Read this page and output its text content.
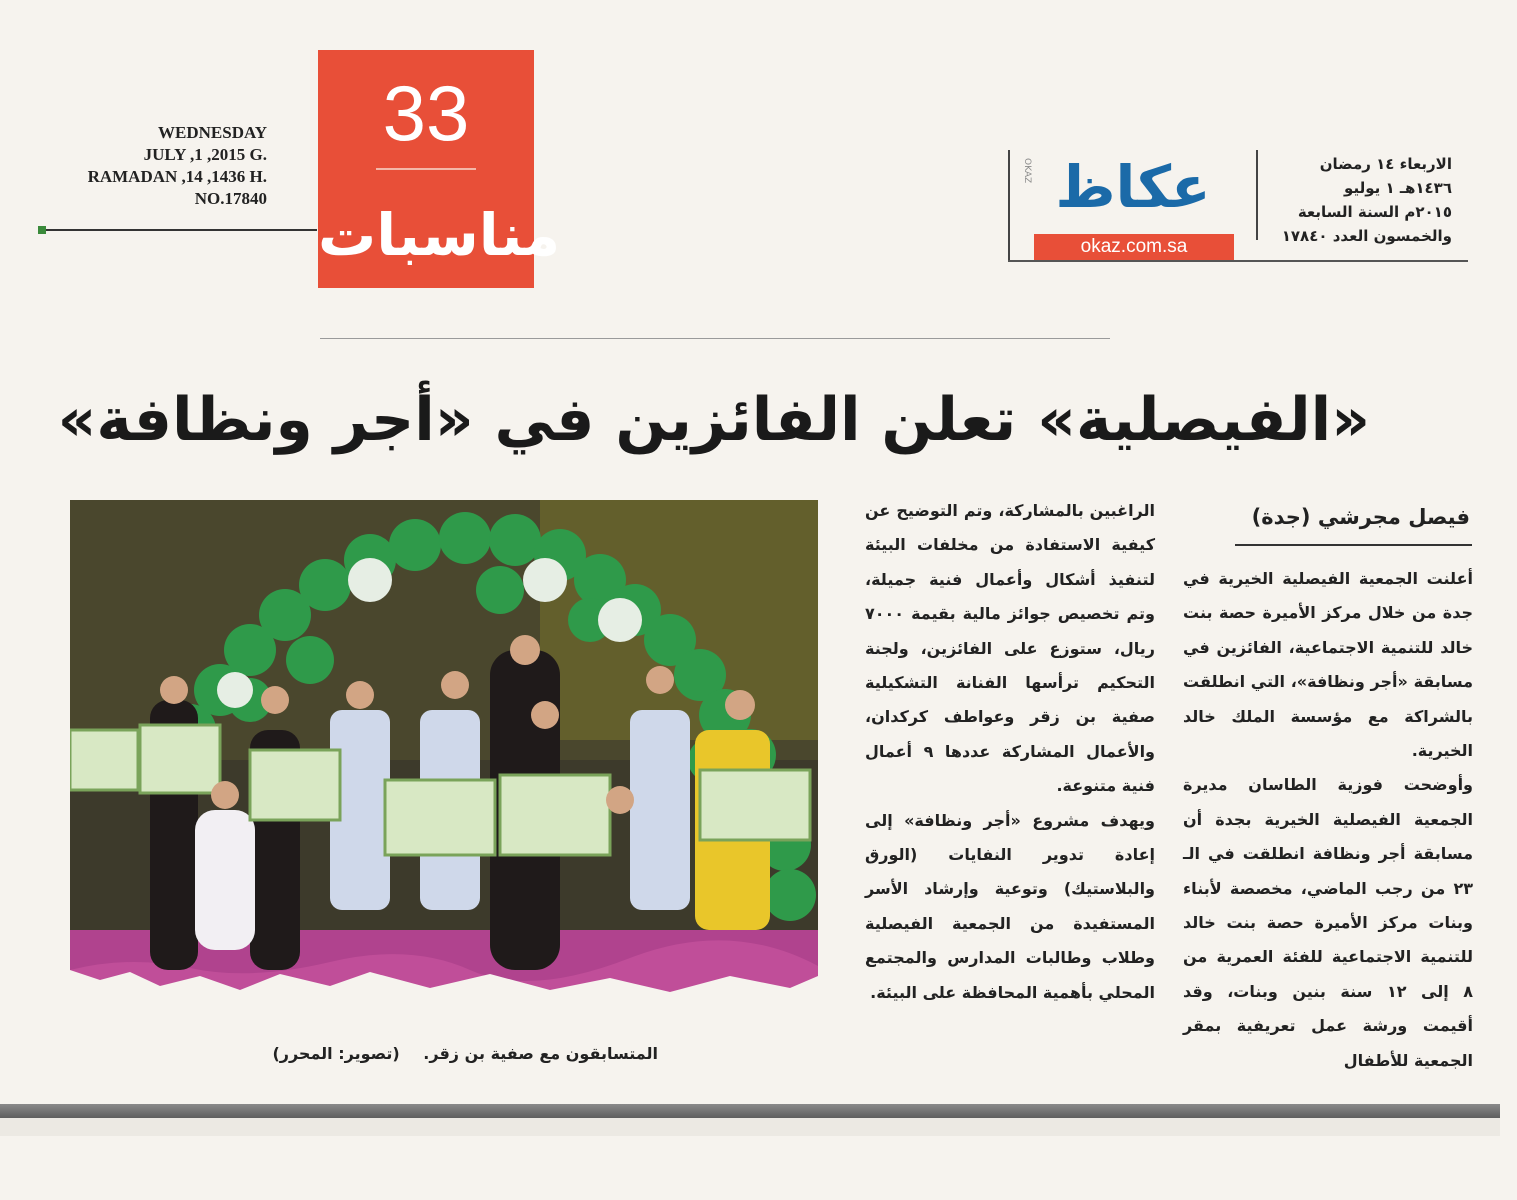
WEDNESDAY
JULY ,1 ,2015 G.
RAMADAN ,14 ,1436 H.
NO.17840
33
مناسبات
OKAZ عكاظ
okaz.com.sa
الاربعاء ١٤ رمضان
١٤٣٦هـ ١ يوليو
٢٠١٥م السنة السابعة
والخمسون العدد ١٧٨٤٠
«الفيصلية» تعلن الفائزين في «أجر ونظافة»
المتسابقون مع صفية بن زقر. (تصوير: المحرر)
فيصل مجرشي (جدة)

أعلنت الجمعية الفيصلية الخيرية في جدة من خلال مركز الأميرة حصة بنت خالد للتنمية الاجتماعية، الفائزين في مسابقة «أجر ونظافة»، التي انطلقت بالشراكة مع مؤسسة الملك خالد الخيرية.

وأوضحت فوزية الطاسان مديرة الجمعية الفيصلية الخيرية بجدة أن مسابقة أجر ونظافة انطلقت في الـ ٢٣ من رجب الماضي، مخصصة لأبناء وبنات مركز الأميرة حصة بنت خالد للتنمية الاجتماعية للفئة العمرية من ٨ إلى ١٢ سنة بنين وبنات، وقد أقيمت ورشة عمل تعريفية بمقر الجمعية للأطفال

الراغبين بالمشاركة، وتم التوضيح عن كيفية الاستفادة من مخلفات البيئة لتنفيذ أشكال وأعمال فنية جميلة، وتم تخصيص جوائز مالية بقيمة ٧٠٠٠ ريال، ستوزع على الفائزين، ولجنة التحكيم ترأسها الفنانة التشكيلية صفية بن زقر وعواطف كركدان، والأعمال المشاركة عددها ٩ أعمال فنية متنوعة.

ويهدف مشروع «أجر ونظافة» إلى إعادة تدوير النفايات (الورق والبلاستيك) وتوعية وإرشاد الأسر المستفيدة من الجمعية الفيصلية وطلاب وطالبات المدارس والمجتمع المحلي بأهمية المحافظة على البيئة.
